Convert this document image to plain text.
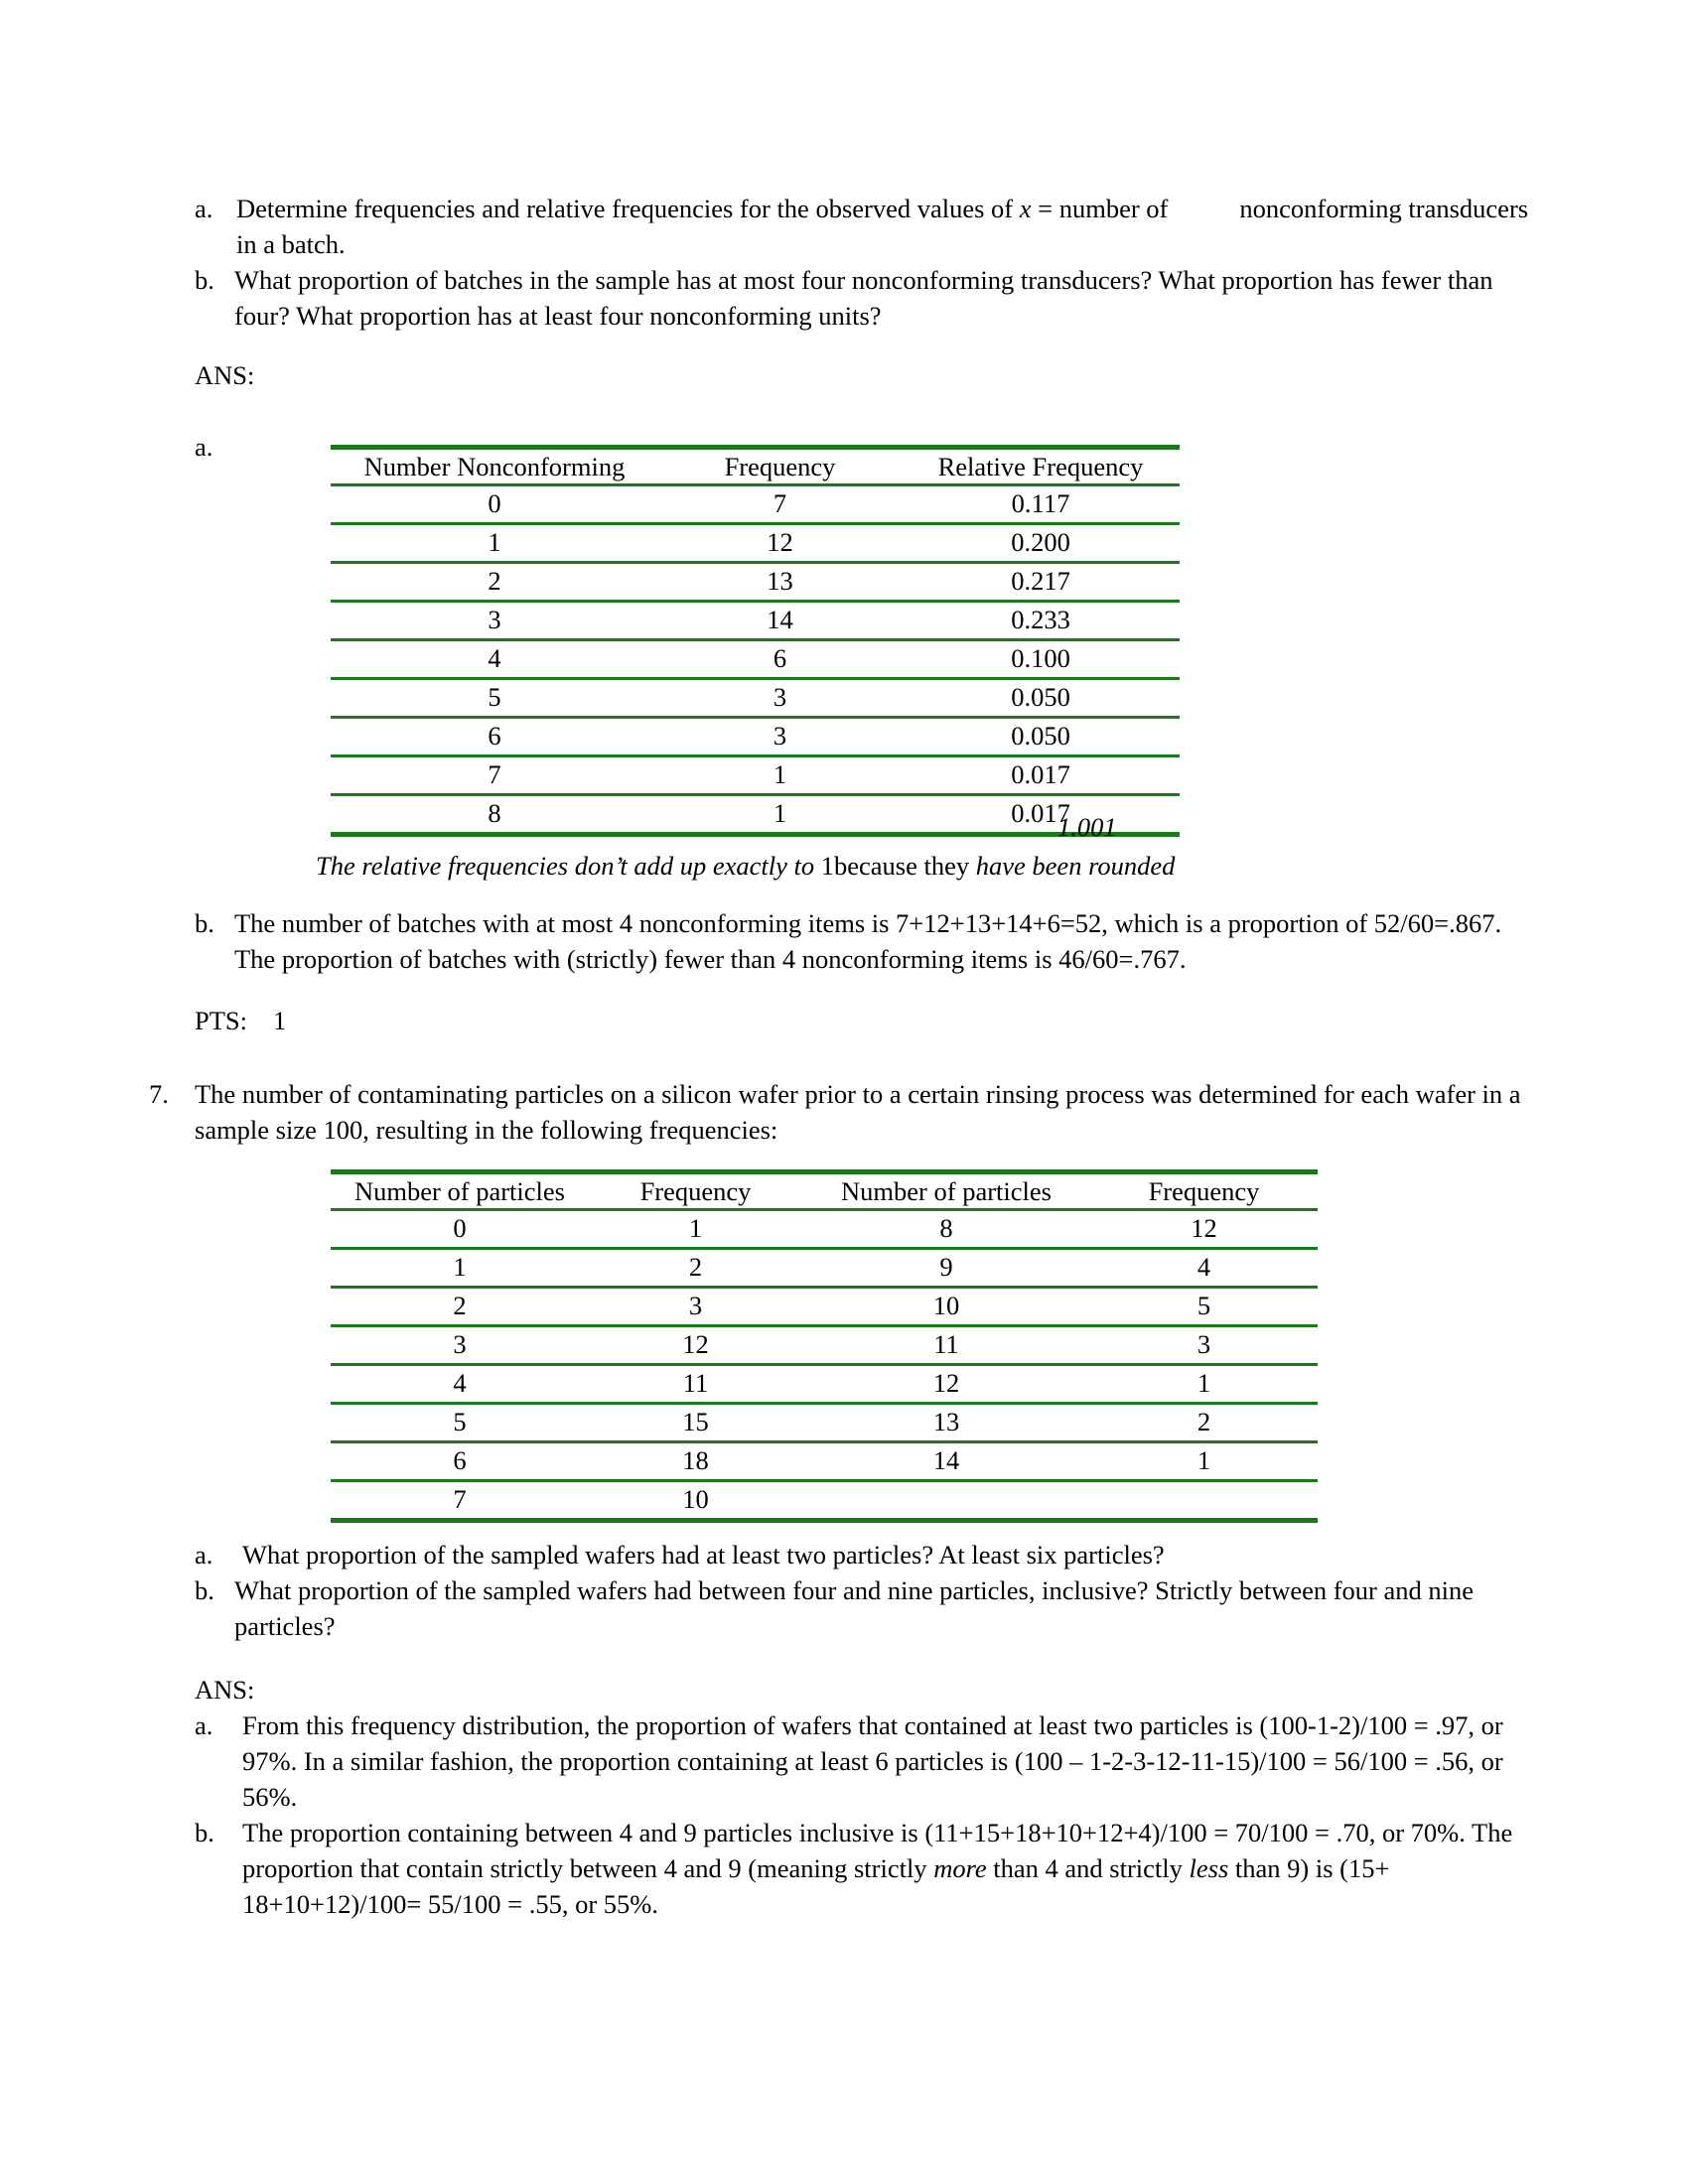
a. Determine frequencies and relative frequencies for the observed values of x = number of	nonconforming transducers in a batch.
b. What proportion of batches in the sample has at most four nonconforming transducers? What proportion has fewer than four? What proportion has at least four nonconforming units?
ANS:
a.
Number Nonconforming	Frequency	Relative Frequency
0	7	0.117
1	12	0.200
2	13	0.217
3	14	0.233
4	6	0.100
5	3	0.050
6	3	0.050
7	1	0.017
8	1	0.017
1.001
The relative frequencies don’t add up exactly to 1because they have been rounded
b. The number of batches with at most 4 nonconforming items is 7+12+13+14+6=52, which is a proportion of 52/60=.867. The proportion of batches with (strictly) fewer than 4 nonconforming items is 46/60=.767.
PTS: 1
7. The number of contaminating particles on a silicon wafer prior to a certain rinsing process was determined for each wafer in a sample size 100, resulting in the following frequencies:
Number of particles	Frequency	Number of particles	Frequency
0	1	8	12
1	2	9	4
2	3	10	5
3	12	11	3
4	11	12	1
5	15	13	2
6	18	14	1
7	10		
a. What proportion of the sampled wafers had at least two particles? At least six particles?
b. What proportion of the sampled wafers had between four and nine particles, inclusive? Strictly between four and nine particles?
ANS:
a. From this frequency distribution, the proportion of wafers that contained at least two particles is (100-1-2)/100 = .97, or 97%. In a similar fashion, the proportion containing at least 6 particles is (100 – 1-2-3-12-11-15)/100 = 56/100 = .56, or 56%.
b. The proportion containing between 4 and 9 particles inclusive is (11+15+18+10+12+4)/100 = 70/100 = .70, or 70%. The proportion that contain strictly between 4 and 9 (meaning strictly more than 4 and strictly less than 9) is (15+ 18+10+12)/100= 55/100 = .55, or 55%.
